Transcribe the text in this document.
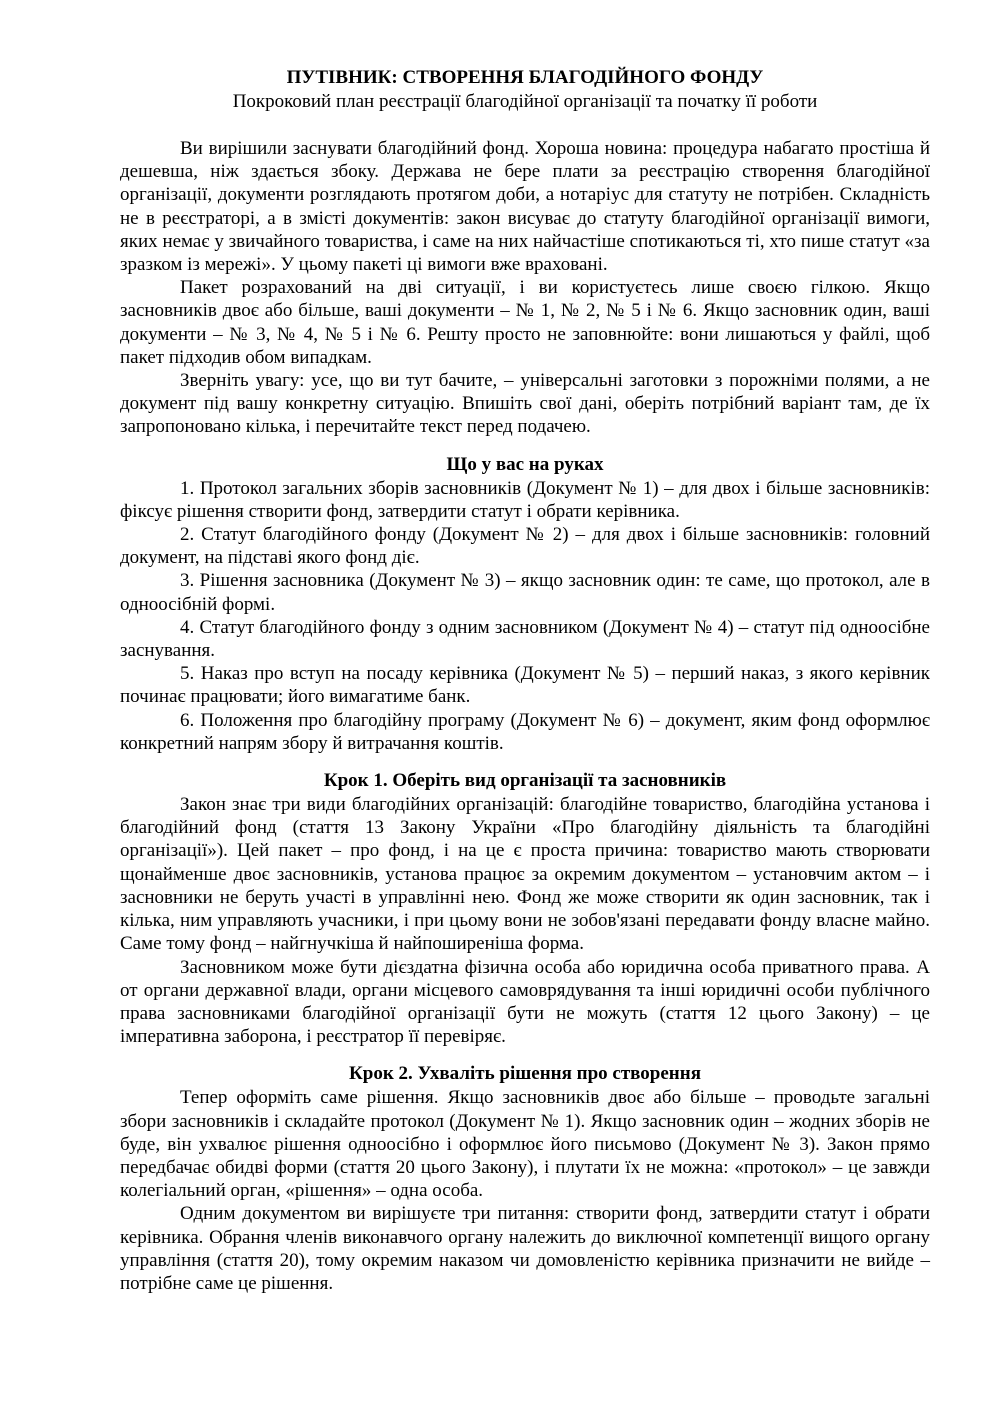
ПУТІВНИК: СТВОРЕННЯ БЛАГОДІЙНОГО ФОНДУ

Покроковий план реєстрації благодійної організації та початку її роботи

Ви вирішили заснувати благодійний фонд. Хороша новина: процедура набагато простіша й дешевша, ніж здається збоку. Держава не бере плати за реєстрацію створення благодійної організації, документи розглядають протягом доби, а нотаріус для статуту не потрібен. Складність не в реєстраторі, а в змісті документів: закон висуває до статуту благодійної організації вимоги, яких немає у звичайного товариства, і саме на них найчастіше спотикаються ті, хто пише статут «за зразком із мережі». У цьому пакеті ці вимоги вже враховані.

Пакет розрахований на дві ситуації, і ви користуєтесь лише своєю гілкою. Якщо засновників двоє або більше, ваші документи – № 1, № 2, № 5 і № 6. Якщо засновник один, ваші документи – № 3, № 4, № 5 і № 6. Решту просто не заповнюйте: вони лишаються у файлі, щоб пакет підходив обом випадкам.

Зверніть увагу: усе, що ви тут бачите, – універсальні заготовки з порожніми полями, а не документ під вашу конкретну ситуацію. Впишіть свої дані, оберіть потрібний варіант там, де їх запропоновано кілька, і перечитайте текст перед подачею.

Що у вас на руках

1. Протокол загальних зборів засновників (Документ № 1) – для двох і більше засновників: фіксує рішення створити фонд, затвердити статут і обрати керівника.

2. Статут благодійного фонду (Документ № 2) – для двох і більше засновників: головний документ, на підставі якого фонд діє.

3. Рішення засновника (Документ № 3) – якщо засновник один: те саме, що протокол, але в одноосібній формі.

4. Статут благодійного фонду з одним засновником (Документ № 4) – статут під одноосібне заснування.

5. Наказ про вступ на посаду керівника (Документ № 5) – перший наказ, з якого керівник починає працювати; його вимагатиме банк.

6. Положення про благодійну програму (Документ № 6) – документ, яким фонд оформлює конкретний напрям збору й витрачання коштів.

Крок 1. Оберіть вид організації та засновників

Закон знає три види благодійних організацій: благодійне товариство, благодійна установа і благодійний фонд (стаття 13 Закону України «Про благодійну діяльність та благодійні організації»). Цей пакет – про фонд, і на це є проста причина: товариство мають створювати щонайменше двоє засновників, установа працює за окремим документом – установчим актом – і засновники не беруть участі в управлінні нею. Фонд же може створити як один засновник, так і кілька, ним управляють учасники, і при цьому вони не зобов'язані передавати фонду власне майно. Саме тому фонд – найгнучкіша й найпоширеніша форма.

Засновником може бути дієздатна фізична особа або юридична особа приватного права. А от органи державної влади, органи місцевого самоврядування та інші юридичні особи публічного права засновниками благодійної організації бути не можуть (стаття 12 цього Закону) – це імперативна заборона, і реєстратор її перевіряє.

Крок 2. Ухваліть рішення про створення

Тепер оформіть саме рішення. Якщо засновників двоє або більше – проводьте загальні збори засновників і складайте протокол (Документ № 1). Якщо засновник один – жодних зборів не буде, він ухвалює рішення одноосібно і оформлює його письмово (Документ № 3). Закон прямо передбачає обидві форми (стаття 20 цього Закону), і плутати їх не можна: «протокол» – це завжди колегіальний орган, «рішення» – одна особа.

Одним документом ви вирішуєте три питання: створити фонд, затвердити статут і обрати керівника. Обрання членів виконавчого органу належить до виключної компетенції вищого органу управління (стаття 20), тому окремим наказом чи домовленістю керівника призначити не вийде – потрібне саме це рішення.
